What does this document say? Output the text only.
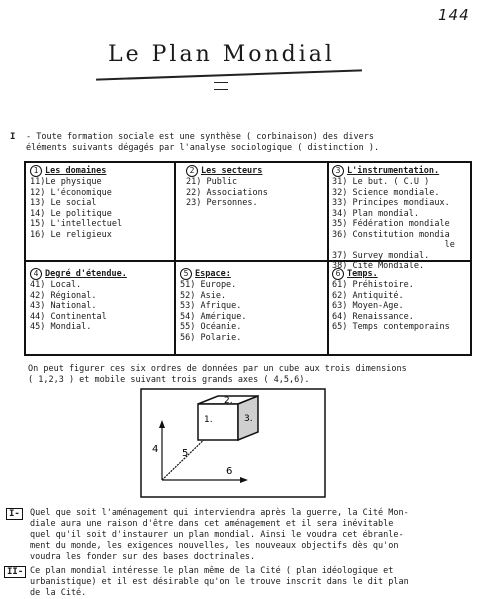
144
Le Plan Mondial
I - Toute formation sociale est une synthèse ( corbinaison) des divers
éléments suivants dégagés par l'analyse sociologique ( distinction ).
1 Les domaines
11)Le physique
12) L'économique
13) Le social
14) Le politique
15) L'intellectuel
16) Le religieux
2 Les secteurs
21) Public
22) Associations
23) Personnes.
3 L'instrumentation.
31) Le but. ( C.U )
32) Science mondiale.
33) Principes mondiaux.
34) Plan mondial.
35) Fédération mondiale
36) Constitution mondia
le
37) Survey mondial.
38) Cité Mondiale.
4 Degré d'étendue.
41) Local.
42) Régional.
43) National.
44) Continental
45) Mondial.
5 Espace:
51) Europe.
52) Asie.
53) Afrique.
54) Amérique.
55) Océanie.
56) Polarie.
6 Temps.
61) Préhistoire.
62) Antiquité.
63) Moyen-Age.
64) Renaissance.
65) Temps contemporains
On peut figurer ces six ordres de données par un cube aux trois dimensions
( 1,2,3 ) et mobile suivant trois grands axes ( 4,5,6).
2.
1.	3.
4 5
6
I-	Quel que soit l'aménagement qui interviendra après la guerre, la Cité Mon-
diale aura une raison d'être dans cet aménagement et il sera inévitable
quel qu'il soit d'instaurer un plan mondial. Ainsi le voudra cet ébranle-
ment du monde, les exigences nouvelles, les nouveaux objectifs dès qu'on
voudra les fonder sur des bases doctrinales.
II- Ce plan mondial intéresse le plan même de la Cité ( plan idéologique et
urbanistique) et il est désirable qu'on le trouve inscrit dans le dit plan
de la Cité.
